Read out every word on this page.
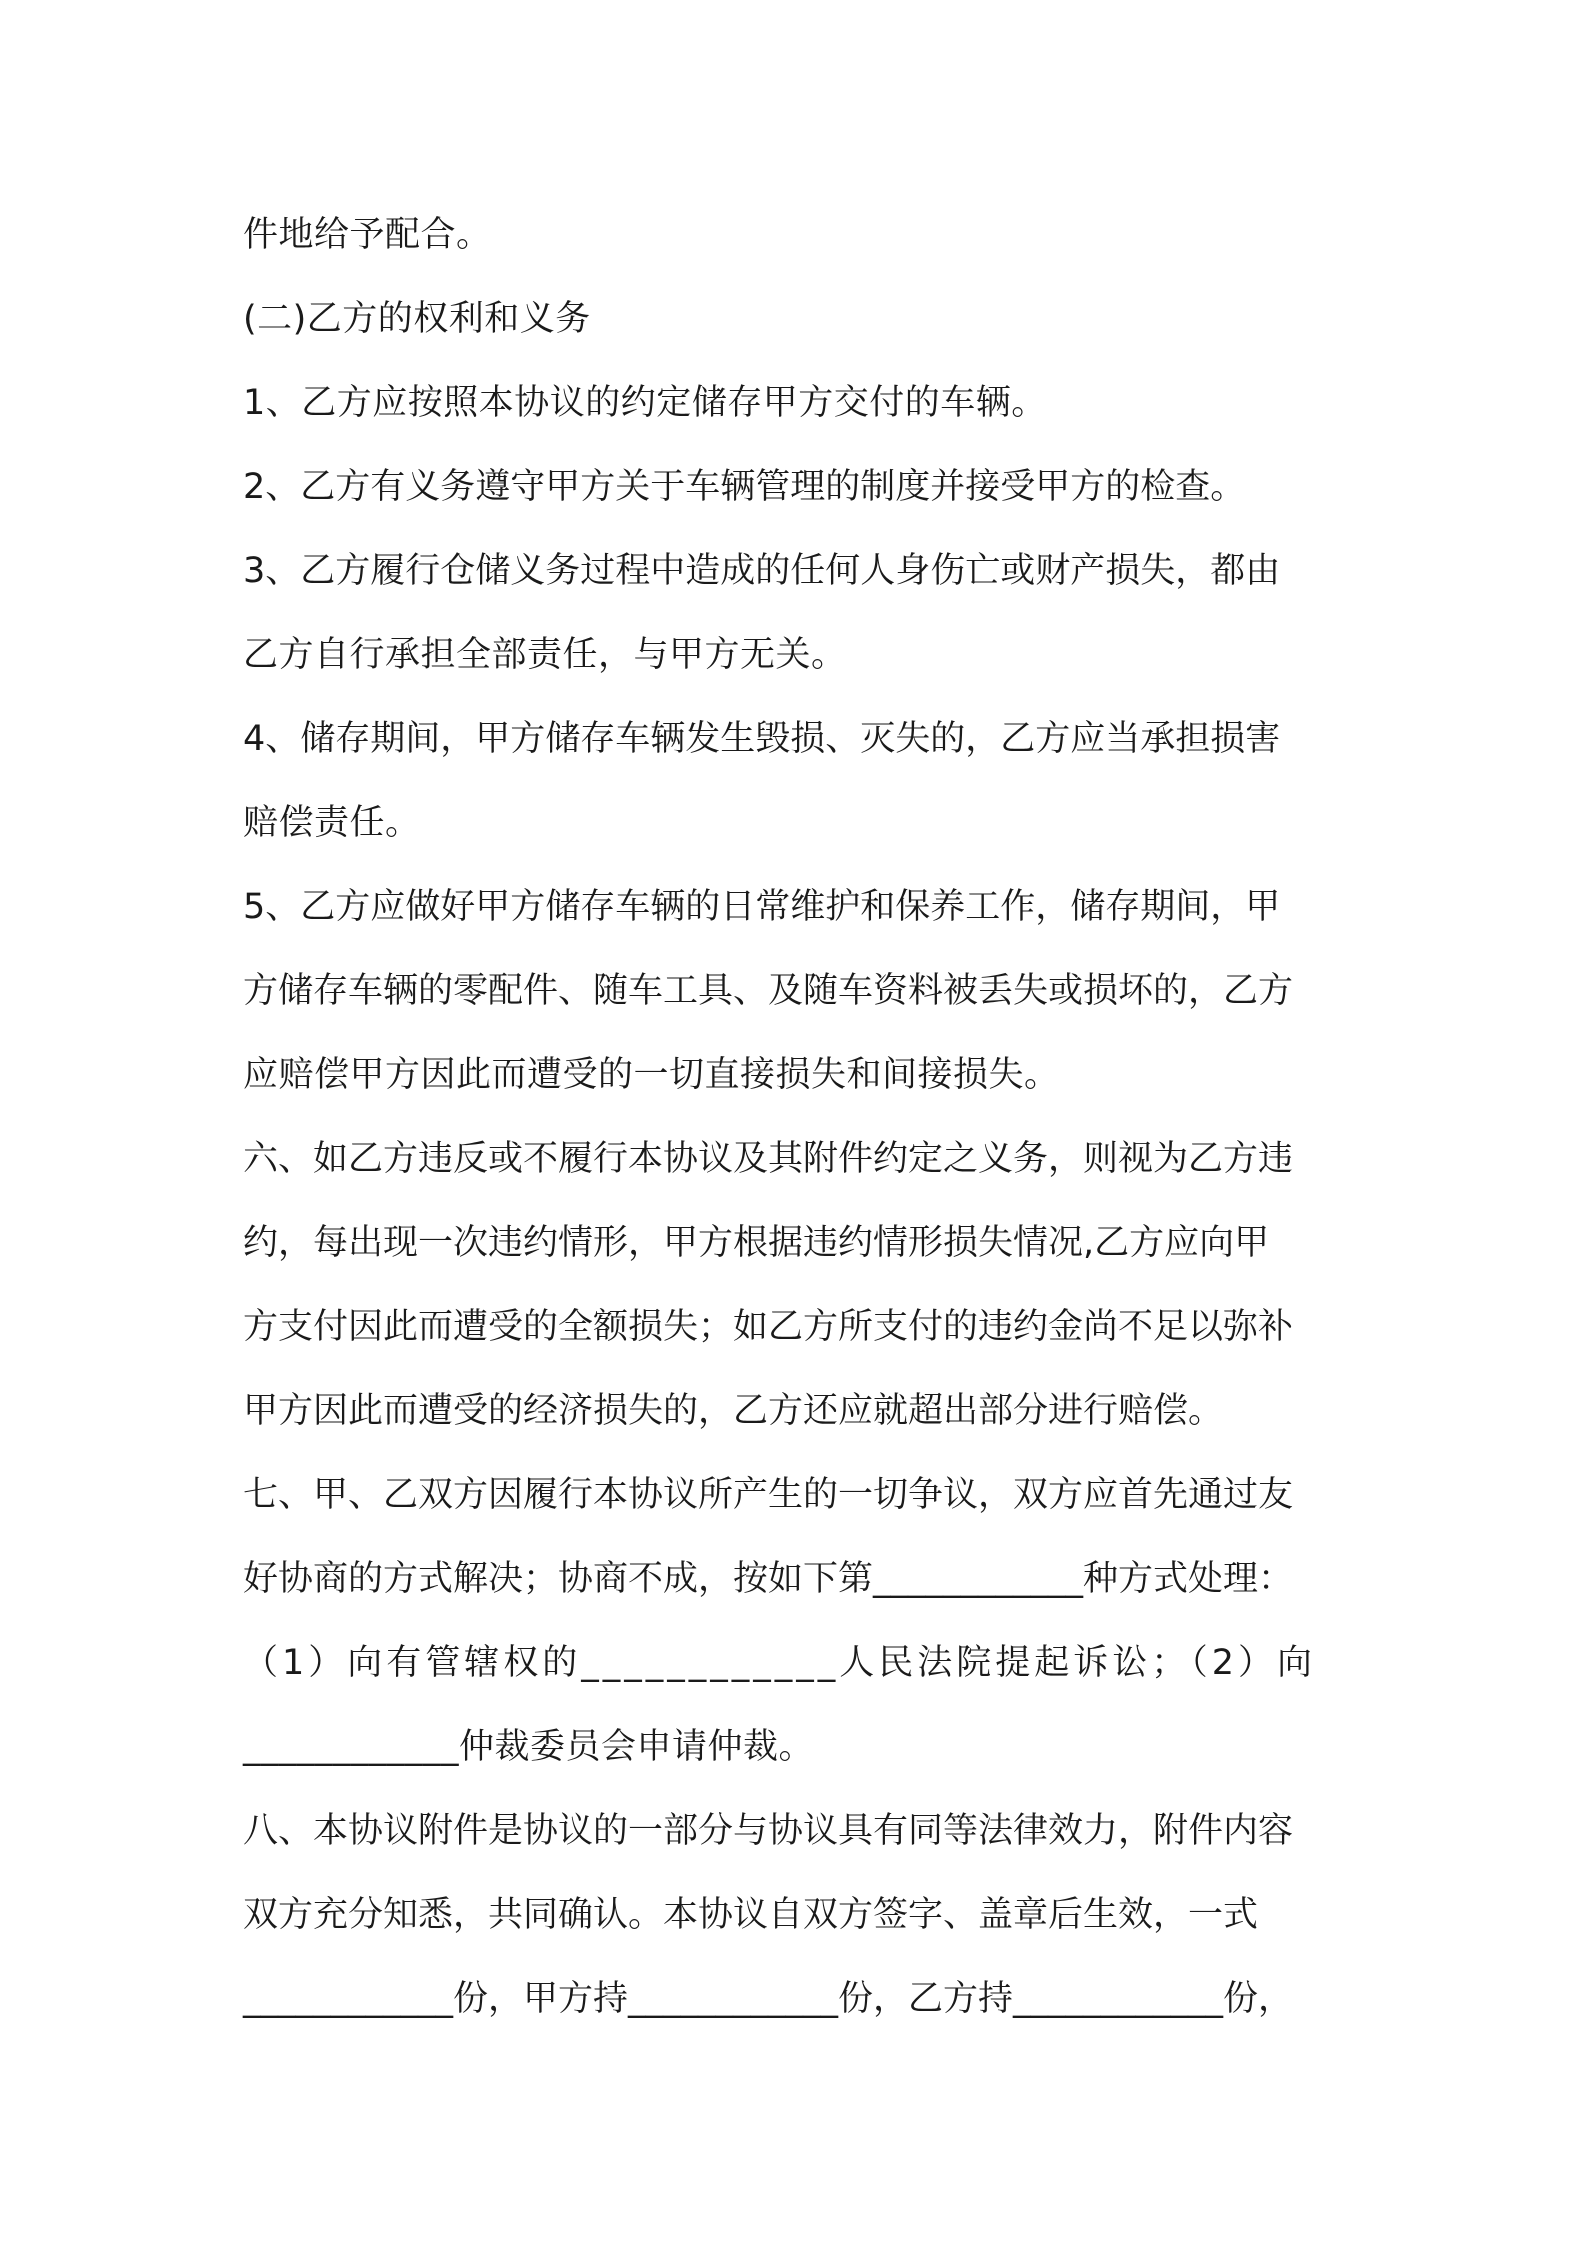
件地给予配合。
(二)乙方的权利和义务
1、乙方应按照本协议的约定储存甲方交付的车辆。
2、乙方有义务遵守甲方关于车辆管理的制度并接受甲方的检查。
3、乙方履行仓储义务过程中造成的任何人身伤亡或财产损失，都由
乙方自行承担全部责任，与甲方无关。
4、储存期间，甲方储存车辆发生毁损、灭失的，乙方应当承担损害
赔偿责任。
5、乙方应做好甲方储存车辆的日常维护和保养工作，储存期间，甲
方储存车辆的零配件、随车工具、及随车资料被丢失或损坏的，乙方
应赔偿甲方因此而遭受的一切直接损失和间接损失。
六、如乙方违反或不履行本协议及其附件约定之义务，则视为乙方违
约，每出现一次违约情形，甲方根据违约情形损失情况,乙方应向甲
方支付因此而遭受的全额损失；如乙方所支付的违约金尚不足以弥补
甲方因此而遭受的经济损失的，乙方还应就超出部分进行赔偿。
七、甲、乙双方因履行本协议所产生的一切争议，双方应首先通过友
好协商的方式解决；协商不成，按如下第____________种方式处理：
（1）向有管辖权的____________人民法院提起诉讼；（2）向
____________仲裁委员会申请仲裁。
八、本协议附件是协议的一部分与协议具有同等法律效力，附件内容
双方充分知悉，共同确认。本协议自双方签字、盖章后生效，一式
____________份，甲方持____________份，乙方持____________份，
